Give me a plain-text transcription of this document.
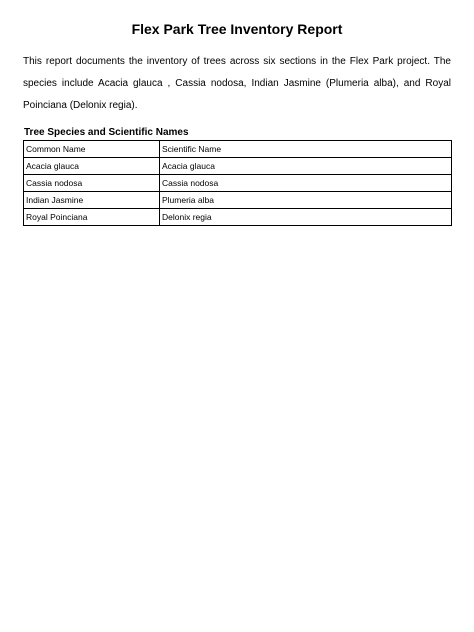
Flex Park Tree Inventory Report

This report documents the inventory of trees across six sections in the Flex Park project. The species include Acacia glauca , Cassia nodosa, Indian Jasmine (Plumeria alba), and Royal Poinciana (Delonix regia).

Tree Species and Scientific Names
Common Name	Scientific Name
Acacia glauca	Acacia glauca
Cassia nodosa	Cassia nodosa
Indian Jasmine	Plumeria alba
Royal Poinciana	Delonix regia
